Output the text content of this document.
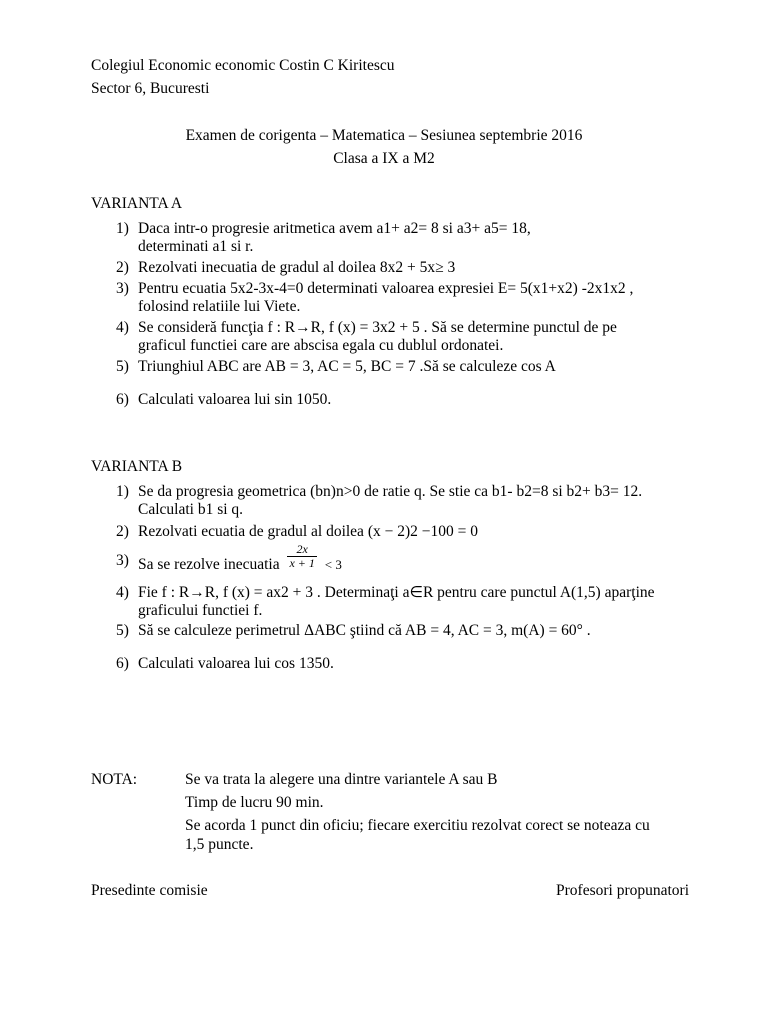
Colegiul Economic economic Costin C Kiritescu
Sector 6, Bucuresti
Examen de corigenta – Matematica – Sesiunea septembrie 2016
Clasa a IX a M2
VARIANTA A
1) Daca intr-o progresie aritmetica avem a1+ a2= 8 si a3+ a5= 18,
determinati a1 si r.
2) Rezolvati inecuatia de gradul al doilea 8x2 + 5x≥ 3
3) Pentru ecuatia 5x2-3x-4=0 determinati valoarea expresiei E= 5(x1+x2) -2x1x2 ,
folosind relatiile lui Viete.
4) Se consideră funcţia f : R→R, f (x) = 3x2 + 5 . Să se determine punctul de pe
graficul functiei care are abscisa egala cu dublul ordonatei.
5) Triunghiul ABC are AB = 3, AC = 5, BC = 7 .Să se calculeze cos A
6) Calculati valoarea lui sin 1050.
VARIANTA B
1) Se da progresia geometrica (bn)n>0 de ratie q. Se stie ca b1- b2=8 si b2+ b3= 12.
Calculati b1 si q.
2) Rezolvati ecuatia de gradul al doilea (x − 2)2 −100 = 0
3) Sa se rezolve inecuatia $\frac{2x}{x + 1} < 3$
4) Fie f : R→R, f (x) = ax2 + 3 . Determinaţi a∈R pentru care punctul A(1,5) aparţine
graficului functiei f.
5) Să se calculeze perimetrul ΔABC ştiind că AB = 4, AC = 3, m(A) = 60° .
6) Calculati valoarea lui cos 1350.
NOTA:	Se va trata la alegere una dintre variantele A sau B
Timp de lucru 90 min.
Se acorda 1 punct din oficiu; fiecare exercitiu rezolvat corect se noteaza cu
1,5 puncte.
Presedinte comisie	Profesori propunatori
